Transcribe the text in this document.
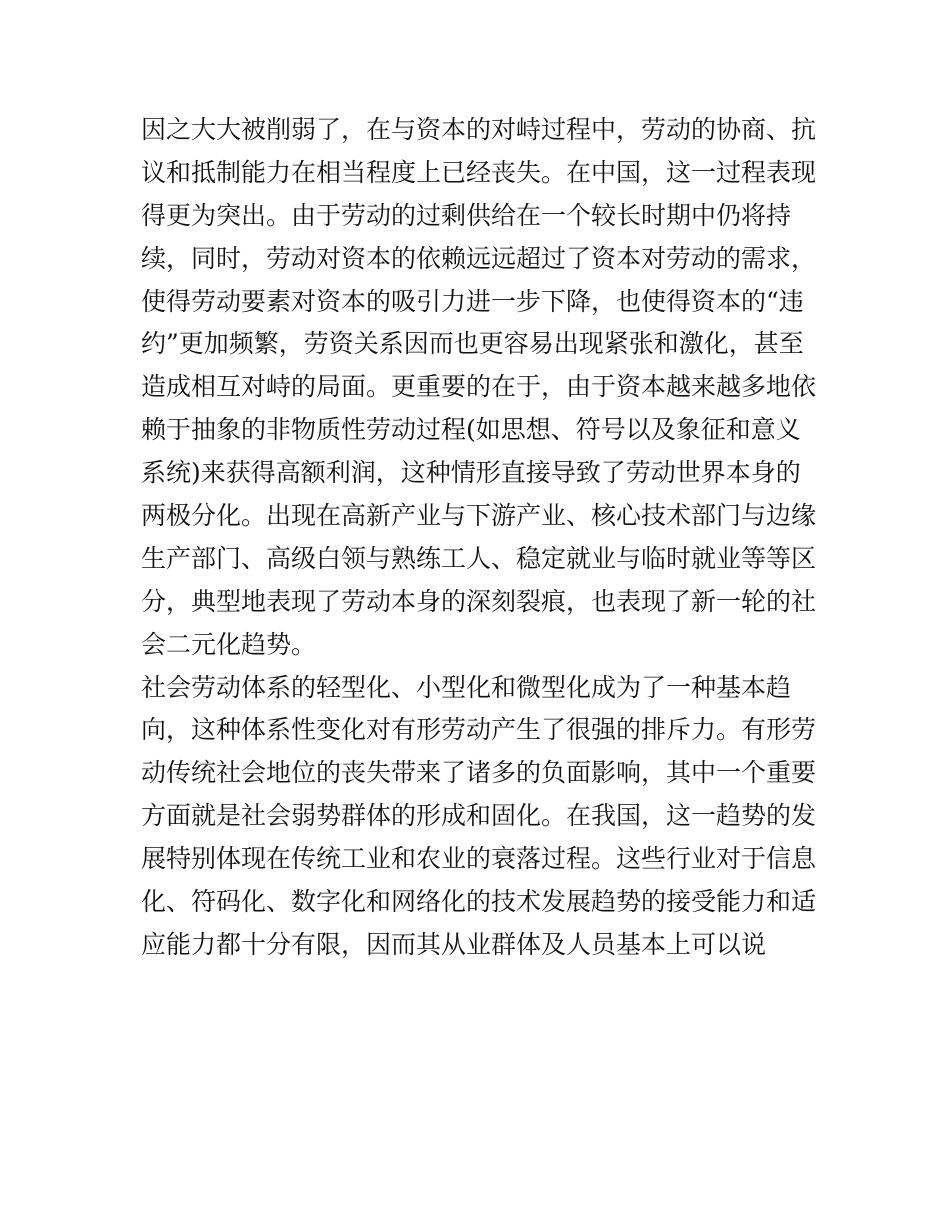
因之大大被削弱了，在与资本的对峙过程中，劳动的协商、抗
议和抵制能力在相当程度上已经丧失。在中国，这一过程表现
得更为突出。由于劳动的过剩供给在一个较长时期中仍将持
续，同时，劳动对资本的依赖远远超过了资本对劳动的需求，
使得劳动要素对资本的吸引力进一步下降，也使得资本的“违
约”更加频繁，劳资关系因而也更容易出现紧张和激化，甚至
造成相互对峙的局面。更重要的在于，由于资本越来越多地依
赖于抽象的非物质性劳动过程(如思想、符号以及象征和意义
系统)来获得高额利润，这种情形直接导致了劳动世界本身的
两极分化。出现在高新产业与下游产业、核心技术部门与边缘
生产部门、高级白领与熟练工人、稳定就业与临时就业等等区
分，典型地表现了劳动本身的深刻裂痕，也表现了新一轮的社
会二元化趋势。
社会劳动体系的轻型化、小型化和微型化成为了一种基本趋
向，这种体系性变化对有形劳动产生了很强的排斥力。有形劳
动传统社会地位的丧失带来了诸多的负面影响，其中一个重要
方面就是社会弱势群体的形成和固化。在我国，这一趋势的发
展特别体现在传统工业和农业的衰落过程。这些行业对于信息
化、符码化、数字化和网络化的技术发展趋势的接受能力和适
应能力都十分有限，因而其从业群体及人员基本上可以说
